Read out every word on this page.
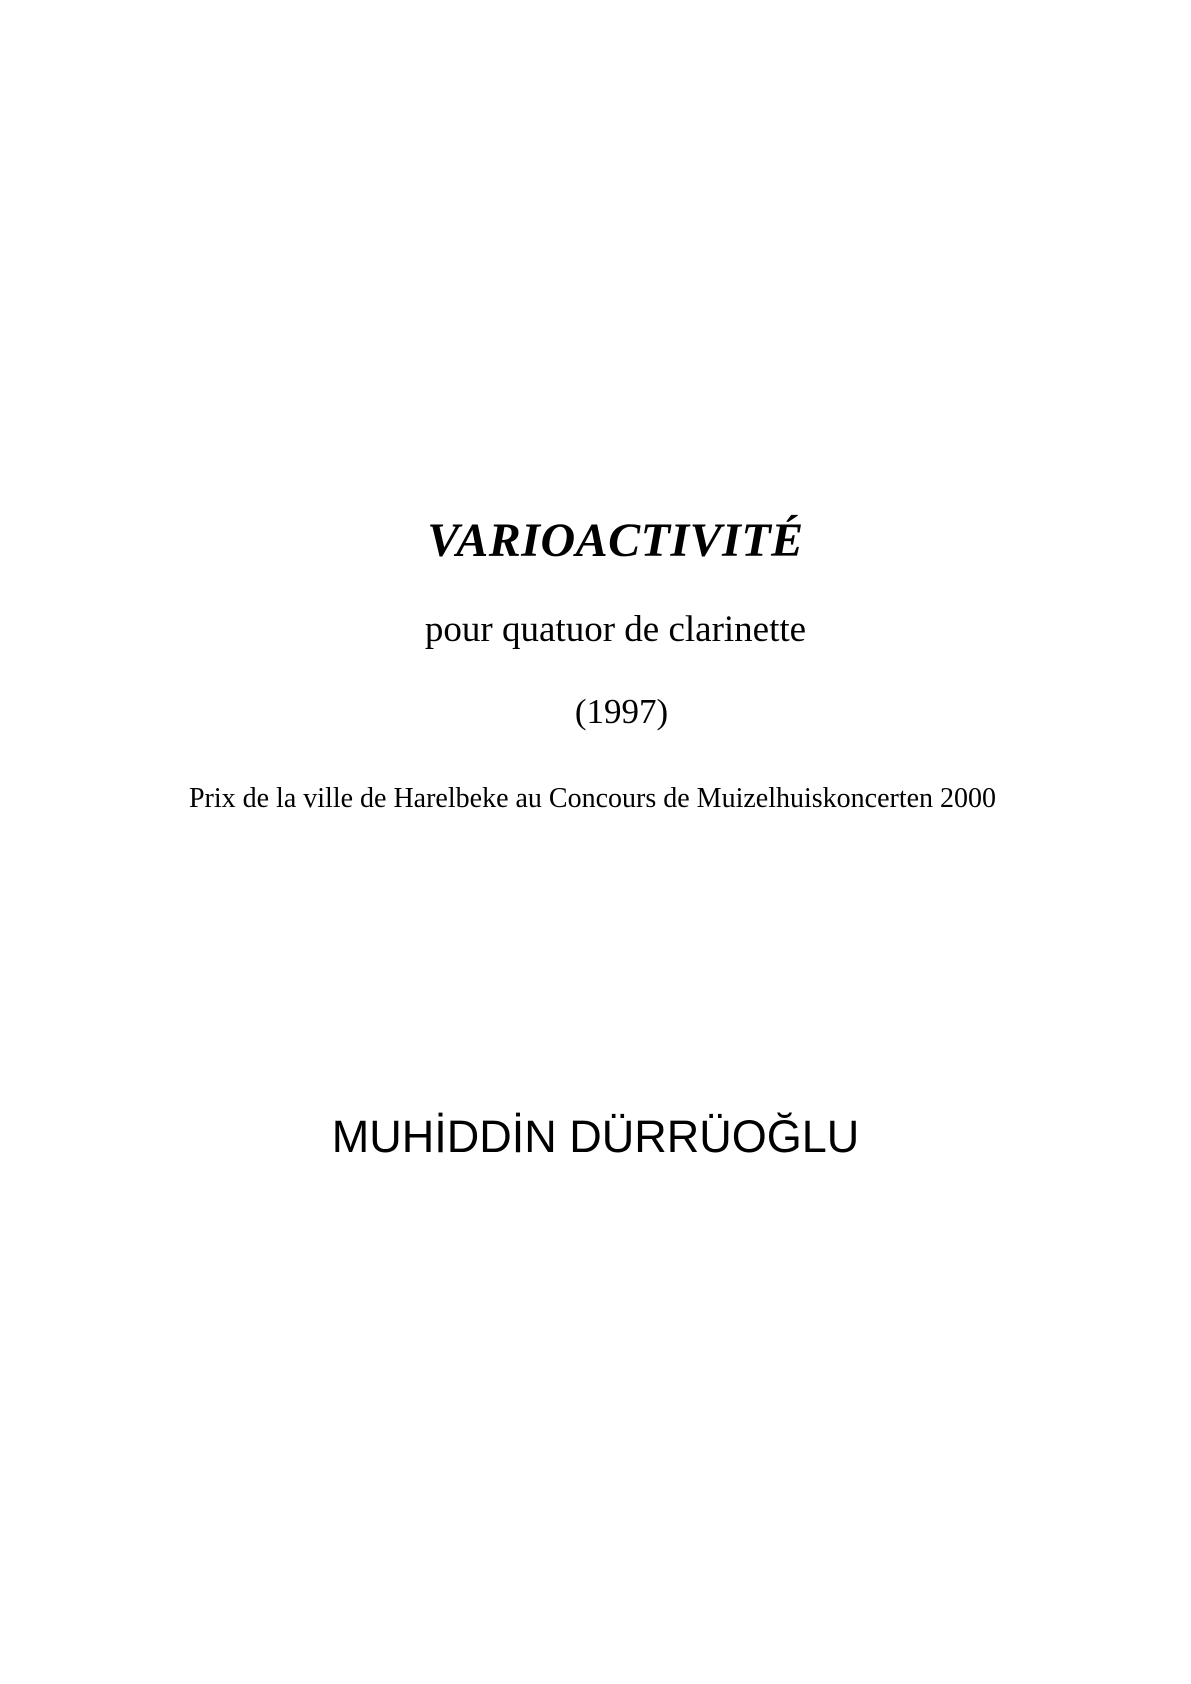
VARIOACTIVITÉ
pour quatuor de clarinette
(1997)
Prix de la ville de Harelbeke au Concours de Muizelhuiskoncerten 2000
MUHİDDİN DÜRRÜOĞLU
